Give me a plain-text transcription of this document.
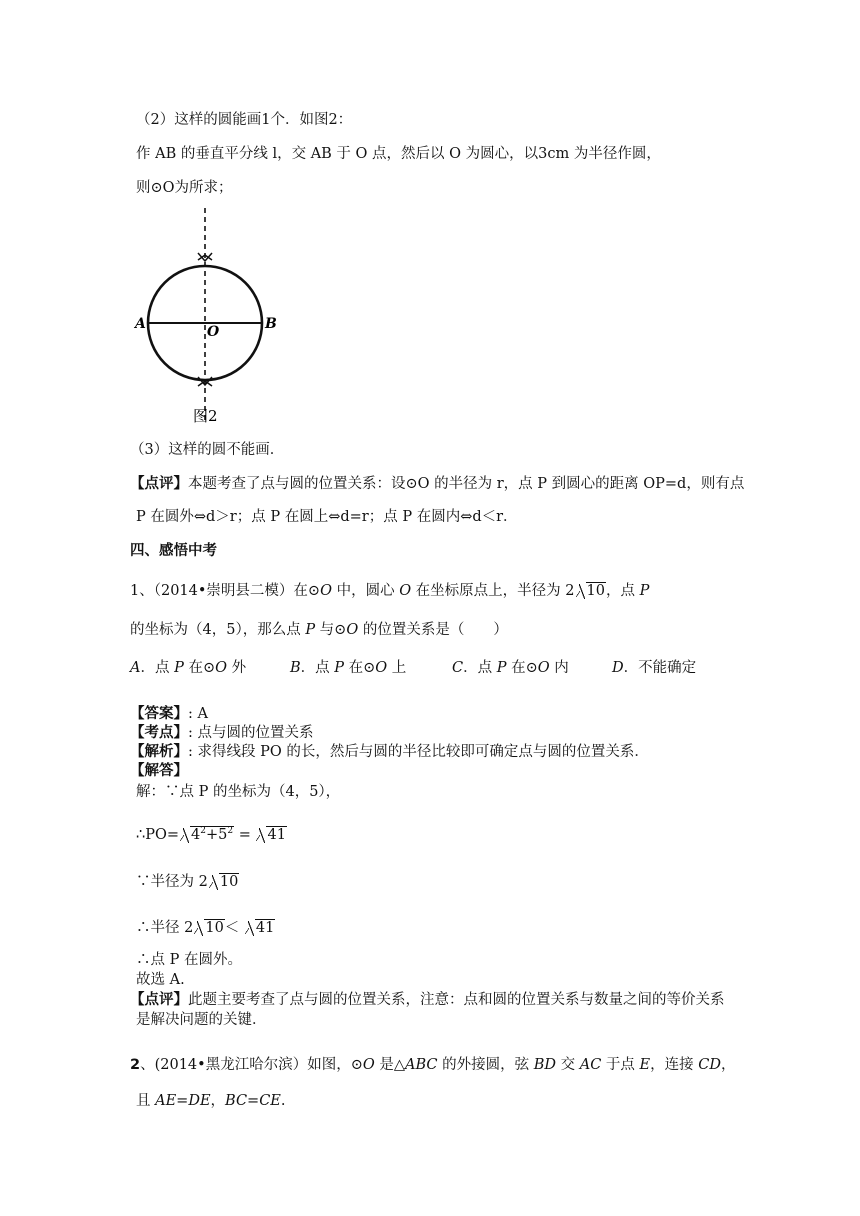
（2）这样的圆能画1个．如图2：
作 AB 的垂直平分线 l，交 AB 于 O 点，然后以 O 为圆心，以3cm 为半径作圆，
则⊙O为所求；
A	B
O
图2
（3）这样的圆不能画．
【点评】本题考查了点与圆的位置关系：设⊙O 的半径为 r，点 P 到圆心的距离 OP=d，则有点
P 在圆外⇔d＞r；点 P 在圆上⇔d=r；点 P 在圆内⇔d＜r．
四、感悟中考
1、（2014•崇明县二模）在⊙O 中，圆心 O 在坐标原点上，半径为 2 10，点 P
的坐标为（4，5），那么点 P 与⊙O 的位置关系是（　　）
A．点 P 在⊙O 外	B．点 P 在⊙O 上	C．点 P 在⊙O 内	D．不能确定
【答案】: A
【考点】: 点与圆的位置关系
【解析】: 求得线段 PO 的长，然后与圆的半径比较即可确定点与圆的位置关系．
【解答】
解：∵点 P 的坐标为（4，5），
∴PO= $4^2+5^2 = 41$
∵半径为 2 10
∴半径 2 10＜ 41
∴点 P 在圆外。
故选 A.
【点评】此题主要考查了点与圆的位置关系，注意：点和圆的位置关系与数量之间的等价关系
是解决问题的关键．
2、(2014•黑龙江哈尔滨）如图，⊙O 是△ABC 的外接圆，弦 BD 交 AC 于点 E，连接 CD，
且 AE=DE，BC=CE.
